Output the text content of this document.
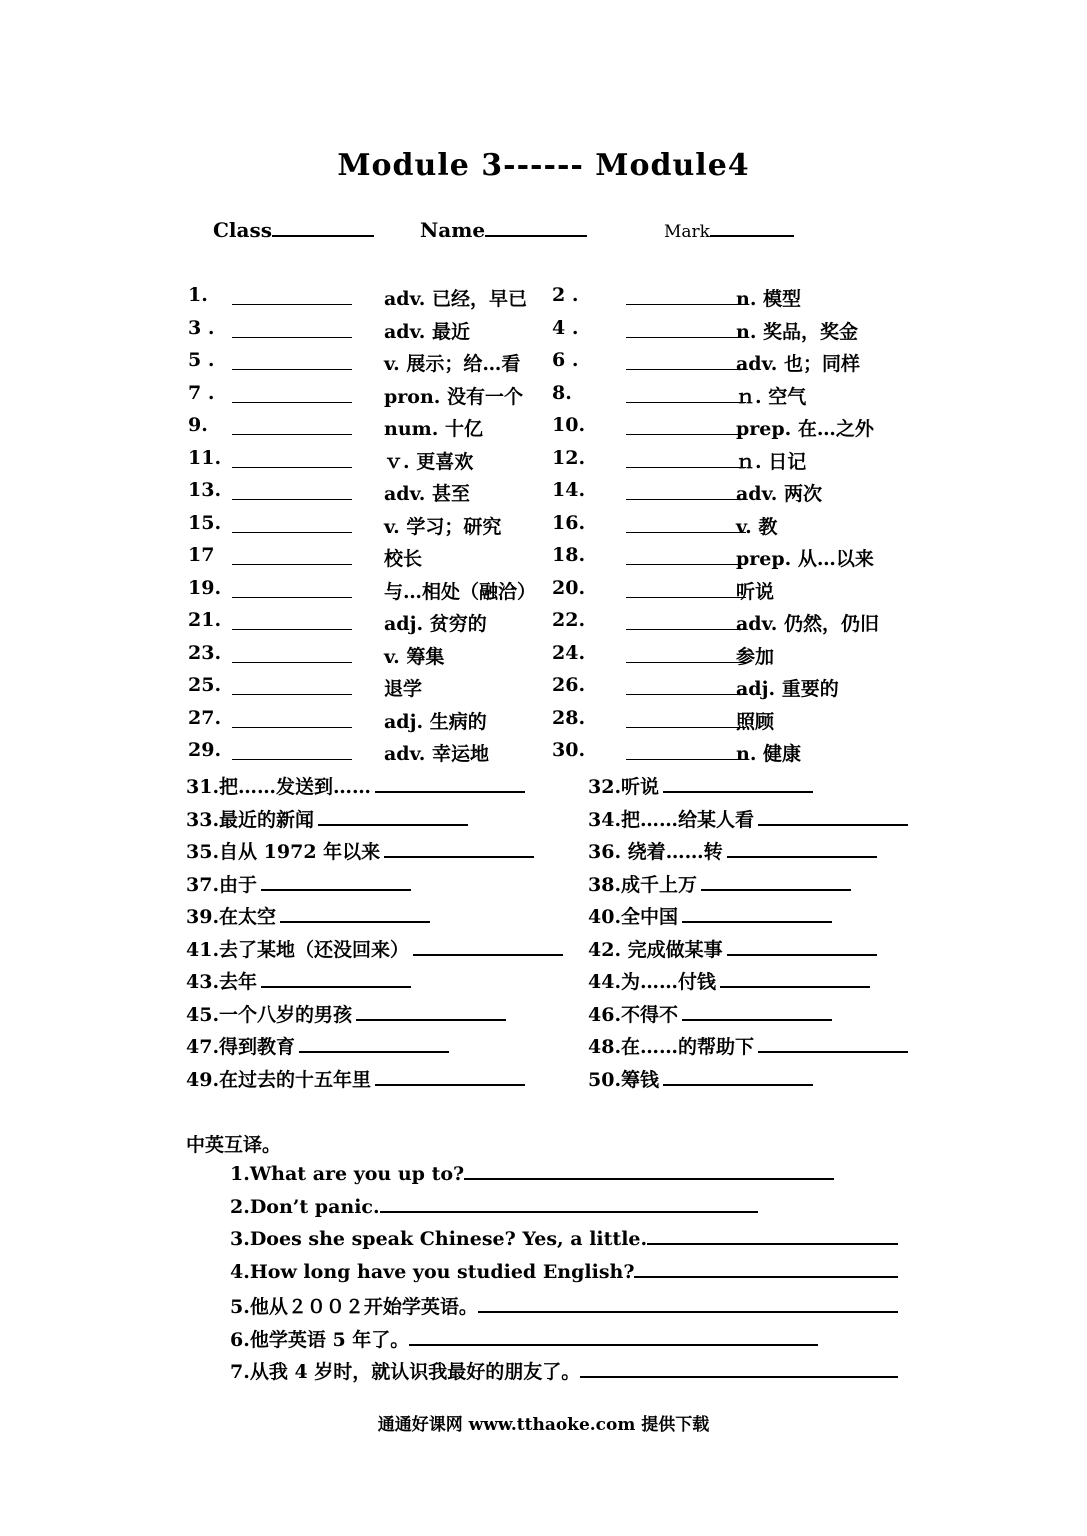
Module 3------ Module4
Class	Name	Mark
1.	adv. 已经，早已 2 .	n. 模型
3 .	adv. 最近	4 .	n. 奖品，奖金
5 .	v. 展示；给…看 6 .	adv. 也；同样
7 .	pron. 没有一个 8.	ｎ. 空气
9.	num. 十亿	10.	prep. 在…之外
11.	ｖ. 更喜欢	12.	ｎ. 日记
13.	adv. 甚至	14.	adv. 两次
15.	v. 学习；研究	16.	v. 教
17	校长	18.	prep. 从…以来
19.	与…相处（融洽） 20.	听说
21.	adj. 贫穷的	22.	adv. 仍然，仍旧
23.	v. 筹集	24.	参加
25.	退学	26.	adj. 重要的
27.	adj. 生病的	28.	照顾
29.	adv. 幸运地	30.	n. 健康
31.把……发送到……	32.听说
33.最近的新闻	34.把……给某人看
35.自从 1972 年以来	36. 绕着……转
37.由于	38.成千上万
39.在太空	40.全中国
41.去了某地（还没回来）	42. 完成做某事
43.去年	44.为……付钱
45.一个八岁的男孩	46.不得不
47.得到教育	48.在……的帮助下
49.在过去的十五年里	50.筹钱
中英互译。
1.What are you up to?
2.Don’t panic.
3.Does she speak Chinese? Yes, a little.
4.How long have you studied English?
5.他从２００２开始学英语。
6.他学英语 5 年了。
7.从我 4 岁时，就认识我最好的朋友了。
通通好课网 www.tthaoke.com 提供下载
